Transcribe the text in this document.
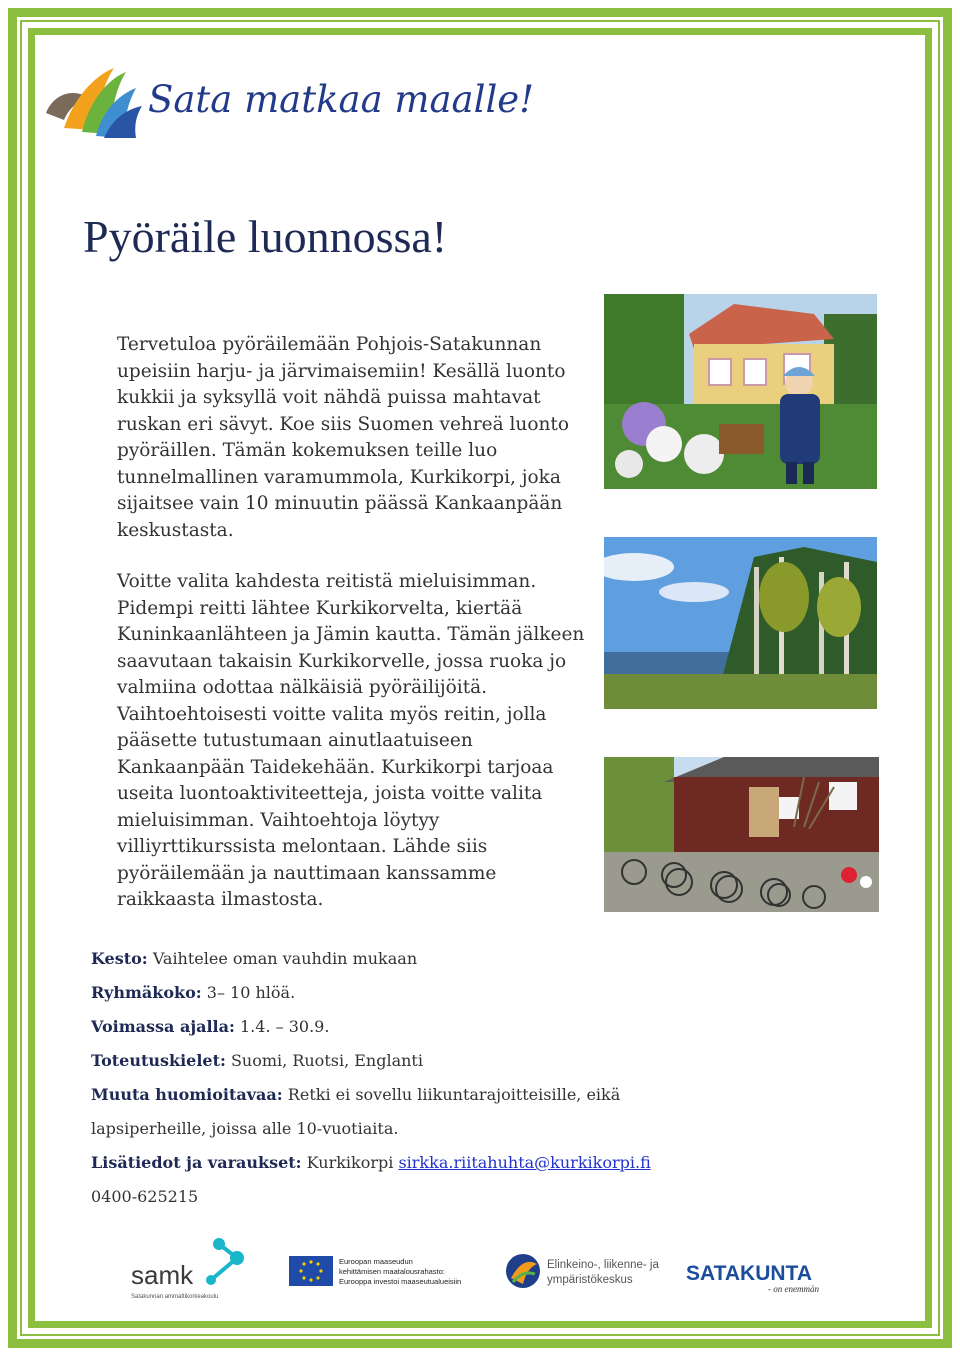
Sata matkaa maalle!
Pyöräile luonnossa!

Tervetuloa pyöräilemään Pohjois-Satakunnan upeisiin harju- ja järvimaisemiin! Kesällä luonto kukkii ja syksyllä voit nähdä puissa mahtavat ruskan eri sävyt. Koe siis Suomen vehreä luonto pyöräillen. Tämän kokemuksen teille luo tunnelmallinen varamummola, Kurkikorpi, joka sijaitsee vain 10 minuutin päässä Kankaanpään keskustasta.

Voitte valita kahdesta reitistä mieluisimman. Pidempi reitti lähtee Kurkikorvelta, kiertää Kuninkaanlähteen ja Jämin kautta. Tämän jälkeen saavutaan takaisin Kurkikorvelle, jossa ruoka jo valmiina odottaa nälkäisiä pyöräilijöitä. Vaihtoehtoisesti voitte valita myös reitin, jolla pääsette tutustumaan ainutlaatuiseen Kankaanpään Taidekehään. Kurkikorpi tarjoaa useita luontoaktiviteetteja, joista voitte valita mieluisimman. Vaihtoehtoja löytyy villiyrttikurssista melontaan. Lähde siis pyöräilemään ja nauttimaan kanssamme raikkaasta ilmastosta.

Kesto: Vaihtelee oman vauhdin mukaan
Ryhmäkoko: 3– 10 hlöä.
Voimassa ajalla: 1.4. – 30.9.
Toteutuskielet: Suomi, Ruotsi, Englanti
Muuta huomioitavaa: Retki ei sovellu liikuntarajoitteisille, eikä
lapsiperheille, joissa alle 10-vuotiaita.
Lisätiedot ja varaukset: Kurkikorpi sirkka.riitahuhta@kurkikorpi.fi
0400-625215
samk
Satakunnan ammattikorkeakoulu
Euroopan maaseudun
kehittämisen maatalousrahasto:
Eurooppa investoi maaseutualueisiin
Elinkeino-, liikenne- ja
ympäristökeskus	SATAKUNTA
- on enemmän
